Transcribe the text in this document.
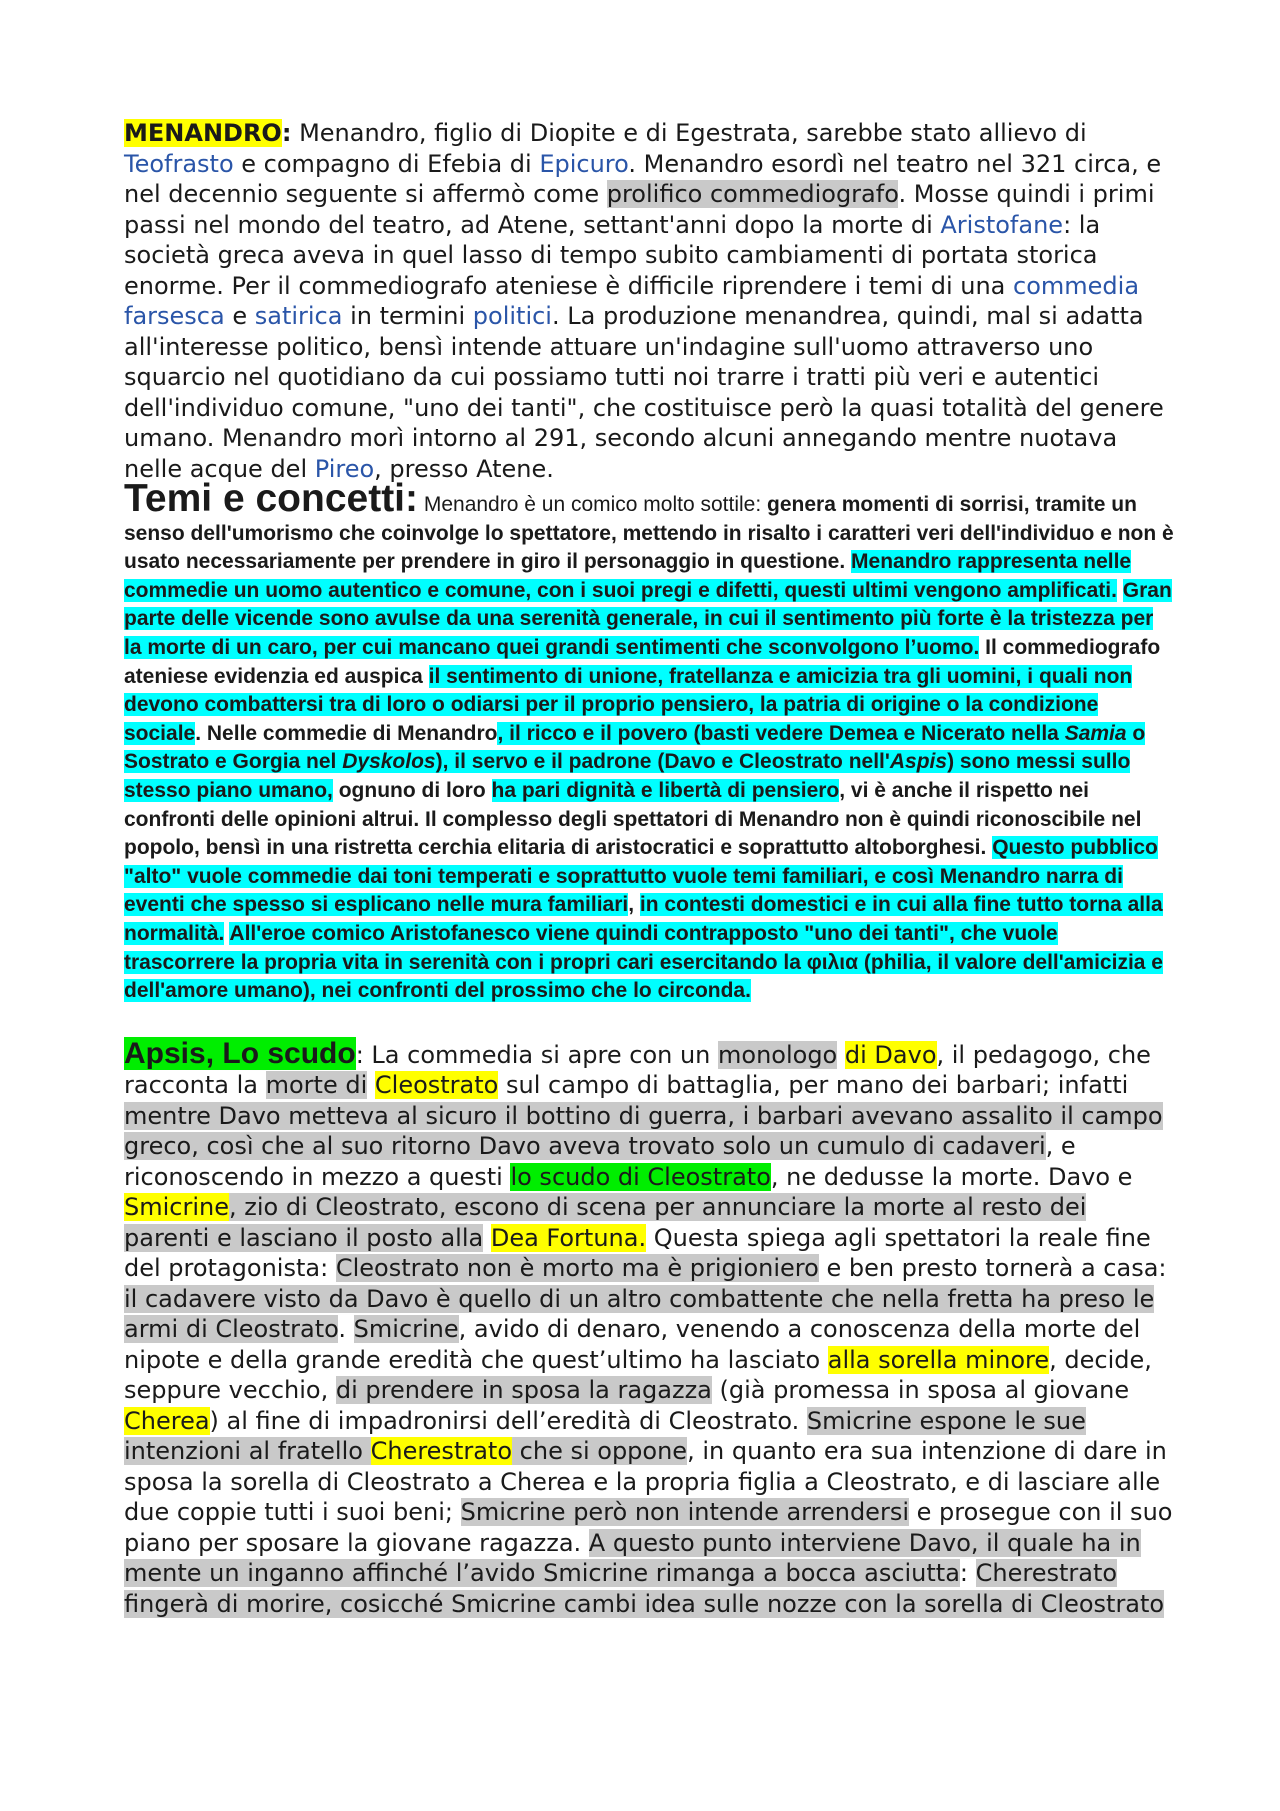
MENANDRO: Menandro, figlio di Diopite e di Egestrata, sarebbe stato allievo di Teofrasto e compagno di Efebia di Epicuro. Menandro esordì nel teatro nel 321 circa, e nel decennio seguente si affermò come prolifico commediografo. Mosse quindi i primi passi nel mondo del teatro, ad Atene, settant'anni dopo la morte di Aristofane: la società greca aveva in quel lasso di tempo subito cambiamenti di portata storica enorme. Per il commediografo ateniese è difficile riprendere i temi di una commedia farsesca e satirica in termini politici. La produzione menandrea, quindi, mal si adatta all'interesse politico, bensì intende attuare un'indagine sull'uomo attraverso uno squarcio nel quotidiano da cui possiamo tutti noi trarre i tratti più veri e autentici dell'individuo comune, "uno dei tanti", che costituisce però la quasi totalità del genere umano. Menandro morì intorno al 291, secondo alcuni annegando mentre nuotava nelle acque del Pireo, presso Atene.

Temi e concetti: Menandro è un comico molto sottile: genera momenti di sorrisi, tramite un senso dell'umorismo che coinvolge lo spettatore, mettendo in risalto i caratteri veri dell'individuo e non è usato necessariamente per prendere in giro il personaggio in questione. Menandro rappresenta nelle commedie un uomo autentico e comune, con i suoi pregi e difetti, questi ultimi vengono amplificati. Gran parte delle vicende sono avulse da una serenità generale, in cui il sentimento più forte è la tristezza per la morte di un caro, per cui mancano quei grandi sentimenti che sconvolgono l’uomo. Il commediografo ateniese evidenzia ed auspica il sentimento di unione, fratellanza e amicizia tra gli uomini, i quali non devono combattersi tra di loro o odiarsi per il proprio pensiero, la patria di origine o la condizione sociale. Nelle commedie di Menandro, il ricco e il povero (basti vedere Demea e Nicerato nella Samia o Sostrato e Gorgia nel Dyskolos), il servo e il padrone (Davo e Cleostrato nell'Aspis) sono messi sullo stesso piano umano, ognuno di loro ha pari dignità e libertà di pensiero, vi è anche il rispetto nei confronti delle opinioni altrui. Il complesso degli spettatori di Menandro non è quindi riconoscibile nel popolo, bensì in una ristretta cerchia elitaria di aristocratici e soprattutto altoborghesi. Questo pubblico "alto" vuole commedie dai toni temperati e soprattutto vuole temi familiari, e così Menandro narra di eventi che spesso si esplicano nelle mura familiari, in contesti domestici e in cui alla fine tutto torna alla normalità. All'eroe comico Aristofanesco viene quindi contrapposto "uno dei tanti", che vuole trascorrere la propria vita in serenità con i propri cari esercitando la φιλια (philia, il valore dell'amicizia e dell'amore umano), nei confronti del prossimo che lo circonda.

Apsis, Lo scudo: La commedia si apre con un monologo di Davo, il pedagogo, che racconta la morte di Cleostrato sul campo di battaglia, per mano dei barbari; infatti mentre Davo metteva al sicuro il bottino di guerra, i barbari avevano assalito il campo greco, così che al suo ritorno Davo aveva trovato solo un cumulo di cadaveri, e riconoscendo in mezzo a questi lo scudo di Cleostrato, ne dedusse la morte. Davo e Smicrine, zio di Cleostrato, escono di scena per annunciare la morte al resto dei parenti e lasciano il posto alla Dea Fortuna. Questa spiega agli spettatori la reale fine del protagonista: Cleostrato non è morto ma è prigioniero e ben presto tornerà a casa: il cadavere visto da Davo è quello di un altro combattente che nella fretta ha preso le armi di Cleostrato. Smicrine, avido di denaro, venendo a conoscenza della morte del nipote e della grande eredità che quest’ultimo ha lasciato alla sorella minore, decide, seppure vecchio, di prendere in sposa la ragazza (già promessa in sposa al giovane Cherea) al fine di impadronirsi dell’eredità di Cleostrato. Smicrine espone le sue intenzioni al fratello Cherestrato che si oppone, in quanto era sua intenzione di dare in sposa la sorella di Cleostrato a Cherea e la propria figlia a Cleostrato, e di lasciare alle due coppie tutti i suoi beni; Smicrine però non intende arrendersi e prosegue con il suo piano per sposare la giovane ragazza. A questo punto interviene Davo, il quale ha in mente un inganno affinché l’avido Smicrine rimanga a bocca asciutta: Cherestrato fingerà di morire, cosicché Smicrine cambi idea sulle nozze con la sorella di Cleostrato
